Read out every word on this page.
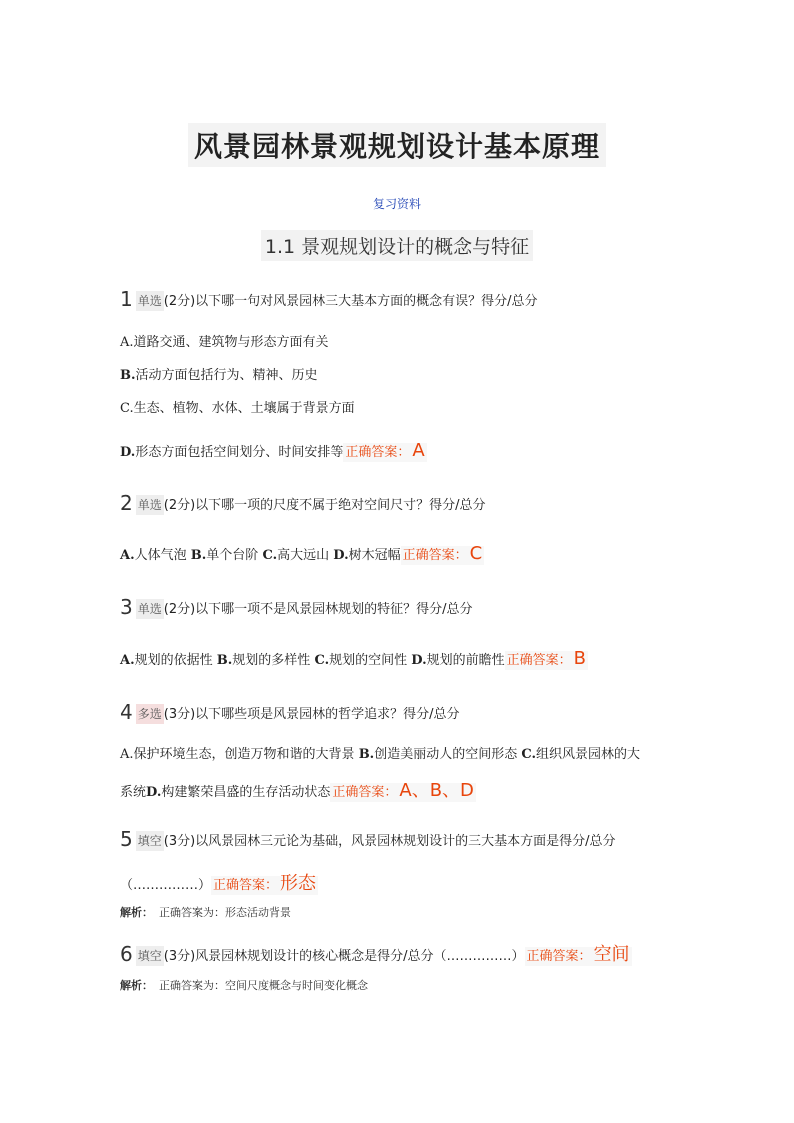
风景园林景观规划设计基本原理
复习资料
1.1 景观规划设计的概念与特征
1 单选 (2分)以下哪一句对风景园林三大基本方面的概念有误？得分/总分
A.道路交通、建筑物与形态方面有关
B.活动方面包括行为、精神、历史
C.生态、植物、水体、土壤属于背景方面
D.形态方面包括空间划分、时间安排等 正确答案： A
2 单选 (2分)以下哪一项的尺度不属于绝对空间尺寸？得分/总分
A.人体气泡 B.单个台阶 C.高大远山 D.树木冠幅 正确答案： C
3 单选 (2分)以下哪一项不是风景园林规划的特征？得分/总分
A.规划的依据性 B.规划的多样性 C.规划的空间性 D.规划的前瞻性 正确答案： B
4 多选 (3分)以下哪些项是风景园林的哲学追求？得分/总分
A.保护环境生态，创造万物和谐的大背景 B.创造美丽动人的空间形态 C.组织风景园林的大
系统D.构建繁荣昌盛的生存活动状态 正确答案： A、B、D
5 填空 (3分)以风景园林三元论为基础，风景园林规划设计的三大基本方面是得分/总分
（……………） 正确答案： 形态
解析： 正确答案为：形态活动背景
6 填空 (3分)风景园林规划设计的核心概念是得分/总分（……………） 正确答案： 空间
解析： 正确答案为：空间尺度概念与时间变化概念
